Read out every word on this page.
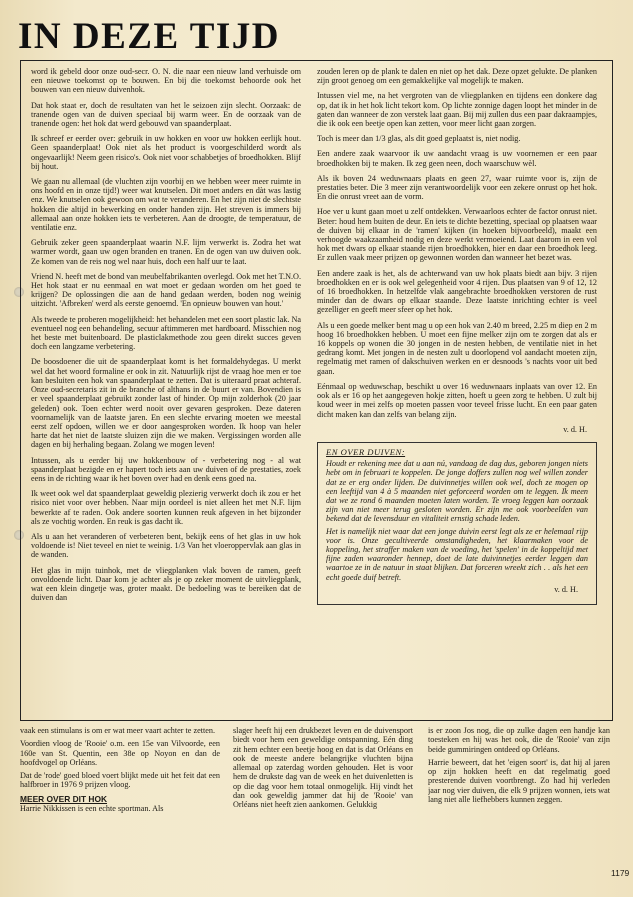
IN DEZE TIJD

word ik gebeld door onze oud-secr. O. N. die naar een nieuw land verhuisde om een nieuwe toekomst op te bouwen. En bij die toekomst behoorde ook het bouwen van een nieuw duivenhok.

Dat hok staat er, doch de resultaten van het le seizoen zijn slecht. Oorzaak: de tranende ogen van de duiven speciaal bij warm weer. En de oorzaak van de tranende ogen: het hok dat werd gebouwd van spaanderplaat.

Ik schreef er eerder over: gebruik in uw hokken en voor uw hokken eerlijk hout. Geen spaanderplaat! Ook niet als het product is voorgeschilderd wordt als ongevaarlijk! Neem geen risico's. Ook niet voor schabbetjes of broedhokken. Blijf bij hout.

We gaan nu allemaal (de vluchten zijn voorbij en we hebben weer meer ruimte in ons hoofd en in onze tijd!) weer wat knutselen. Dit moet anders en dàt was lastig enz. We knutselen ook gewoon om wat te veranderen. En het zijn niet de slechtste hokken die altijd in bewerking en onder handen zijn. Het streven is immers bij allemaal aan onze hokken iets te verbeteren. Aan de droogte, de temperatuur, de ventilatie enz.

Gebruik zeker geen spaanderplaat waarin N.F. lijm verwerkt is. Zodra het wat warmer wordt, gaan uw ogen branden en tranen. En de ogen van uw duiven ook. Ze komen van de reis nog wel naar huis, doch een half uur te laat.

Vriend N. heeft met de bond van meubelfabrikanten overlegd. Ook met het T.N.O. Het hok staat er nu eenmaal en wat moet er gedaan worden om het goed te krijgen? De oplossingen die aan de hand gedaan werden, boden nog weinig uitzicht. 'Afbreken' werd als eerste genoemd. 'En opnieuw bouwen van hout.'

Als tweede te proberen mogelijkheid: het behandelen met een soort plastic lak. Na eventueel nog een behandeling, secuur aftimmeren met hardboard. Misschien nog het beste met buitenboard. De plasticlakmethode zou geen direkt succes geven doch een langzame verbetering.

De boosdoener die uit de spaanderplaat komt is het formaldehydegas. U merkt wel dat het woord formaline er ook in zit. Natuurlijk rijst de vraag hoe men er toe kan besluiten een hok van spaanderplaat te zetten. Dat is uiteraard praat achteraf. Onze oud-secretaris zit in de branche of althans in de buurt er van. Bovendien is er veel spaanderplaat gebruikt zonder last of hinder. Op mijn zolderhok (20 jaar geleden) ook. Toen echter werd nooit over gevaren gesproken. Deze dateren voornamelijk van de laatste jaren. En een slechte ervaring moeten we meestal eerst zelf opdoen, willen we er door aangesproken worden. Ik hoop van heler harte dat het niet de laatste sluizen zijn die we maken. Vergissingen worden alle dagen en bij herhaling begaan. Zolang we mogen leven!

Intussen, als u eerder bij uw hokkenbouw of - verbetering nog - al wat spaanderplaat bezigde en er hapert toch iets aan uw duiven of de prestaties, zoek eens in de richting waar ik het boven over had en denk eens goed na.

Ik weet ook wel dat spaanderplaat geweldig plezierig verwerkt doch ik zou er het risico niet voor over hebben. Naar mijn oordeel is niet alleen het met N.F. lijm bewerkte af te raden. Ook andere soorten kunnen reuk afgeven in het bijzonder als ze vochtig worden. En reuk is gas dacht ik.

Als u aan het veranderen of verbeteren bent, bekijk eens of het glas in uw hok voldoende is! Niet teveel en niet te weinig. 1/3 Van het vloeroppervlak aan glas in de wanden.

Het glas in mijn tuinhok, met de vliegplanken vlak boven de ramen, geeft onvoldoende licht. Daar kom je achter als je op zeker moment de uitvliegplank, wat een klein dingetje was, groter maakt. De bedoeling was te bereiken dat de duiven dan

zouden leren op de plank te dalen en niet op het dak. Deze opzet gelukte. De planken zijn groot genoeg om een gemakkelijke val mogelijk te maken.

Intussen viel me, na het vergroten van de vliegplanken en tijdens een donkere dag op, dat ik in het hok licht tekort kom. Op lichte zonnige dagen loopt het minder in de gaten dan wanneer de zon verstek laat gaan. Bij mij zullen dus een paar dakraampjes, die ik ook een beetje open kan zetten, voor meer licht gaan zorgen.

Toch is meer dan 1/3 glas, als dit goed geplaatst is, niet nodig.

Een andere zaak waarvoor ik uw aandacht vraag is uw voornemen er een paar broedhokken bij te maken. Ik zeg geen neen, doch waarschuw wèl.

Als ik boven 24 weduwnaars plaats en geen 27, waar ruimte voor is, zijn de prestaties beter. Die 3 meer zijn verantwoordelijk voor een zekere onrust op het hok. En die onrust vreet aan de vorm.

Hoe ver u kunt gaan moet u zelf ontdekken. Verwaarloos echter de factor onrust niet. Beter: houd hem buiten de deur. En iets te dichte bezetting, speciaal op plaatsen waar de duiven bij elkaar in de 'ramen' kijken (in hoeken bijvoorbeeld), maakt een verhoogde waakzaamheid nodig en deze werkt vermoeiend. Laat daarom in een vol hok met dwars op elkaar staande rijen broedhokken, hier en daar een broedhok leeg. Er zullen vaak meer prijzen op gewonnen worden dan wanneer het bezet was.

Een andere zaak is het, als de achterwand van uw hok plaats biedt aan bijv. 3 rijen broedhokken en er is ook wel gelegenheid voor 4 rijen. Dus plaatsen van 9 of 12, 12 of 16 broedhokken. In hetzelfde vlak aangebrachte broedhokken verstoren de rust minder dan de dwars op elkaar staande. Deze laatste inrichting echter is veel gezelliger en geeft meer sfeer op het hok.

Als u een goede melker bent mag u op een hok van 2.40 m breed, 2.25 m diep en 2 m hoog 16 broedhokken hebben. U moet een fijne melker zijn om te zorgen dat als er 16 koppels op wonen die 30 jongen in de nesten hebben, de ventilatie niet in het gedrang komt. Met jongen in de nesten zult u doorlopend vol aandacht moeten zijn, regelmatig met ramen of dakschuiven werken en er desnoods 's nachts voor uit bed gaan.

Eénmaal op weduwschap, beschikt u over 16 weduwnaars inplaats van over 12. En ook als er 16 op het aangegeven hokje zitten, hoeft u geen zorg te hebben. U zult bij koud weer in mei zelfs op moeten passen voor teveel frisse lucht. En een paar gaten dicht maken kan dan zelfs van belang zijn.

v. d. H.

EN OVER DUIVEN:

Houdt er rekening mee dat u aan nú, vandaag de dag dus, geboren jongen niets hebt om in februari te koppelen. De jonge doffers zullen nog wel willen zonder dat ze er erg onder lijden. De duivinnetjes willen ook wel, doch ze mogen op een leeftijd van 4 à 5 maanden niet geforceerd worden om te leggen. Ik meen dat we ze rond 6 maanden moeten laten worden. Te vroeg leggen kan oorzaak zijn van niet meer terug gesloten worden. Er zijn me ook voorbeelden van bekend dat de levensduur en vitaliteit ernstig schade leden.

Het is namelijk niet waar dat een jonge duivin eerst legt als ze er helemaal rijp voor is. Onze gecultiveerde omstandigheden, het klaarmaken voor de koppeling, het straffer maken van de voeding, het 'spelen' in de koppeltijd met fijne zaden waaronder hennep, doet de late duivinnetjes eerder leggen dan waartoe ze in de natuur in staat blijken. Dat forceren wreekt zich . . als het een echt goede duif betreft.

v. d. H.

vaak een stimulans is om er wat meer vaart achter te zetten.

Voordien vloog de 'Rooie' o.m. een 15e van Vilvoorde, een 160e van St. Quentin, een 38e op Noyon en dan de hoofdvogel op Orléans.

Dat de 'rode' goed bloed voert blijkt mede uit het feit dat een halfbroer in 1976 9 prijzen vloog.

MEER OVER DIT HOK

Harrie Nikkissen is een echte sportman. Als

slager heeft hij een drukbezet leven en de duivensport biedt voor hem een geweldige ontspanning. Eén ding zit hem echter een beetje hoog en dat is dat Orléans en ook de meeste andere belangrijke vluchten bijna allemaal op zaterdag worden gehouden. Het is voor hem de drukste dag van de week en het duivenletten is op die dag voor hem totaal onmogelijk. Hij vindt het dan ook geweldig jammer dat hij de 'Rooie' van Orléans niet heeft zien aankomen. Gelukkig

is er zoon Jos nog, die op zulke dagen een handje kan toesteken en hij was het ook, die de 'Rooie' van zijn beide gummiringen ontdeed op Orléans.

Harrie beweert, dat het 'eigen soort' is, dat hij al jaren op zijn hokken heeft en dat regelmatig goed presterende duiven voortbrengt. Zo had hij verleden jaar nog vier duiven, die elk 9 prijzen wonnen, iets wat lang niet alle liefhebbers kunnen zeggen.

1179
